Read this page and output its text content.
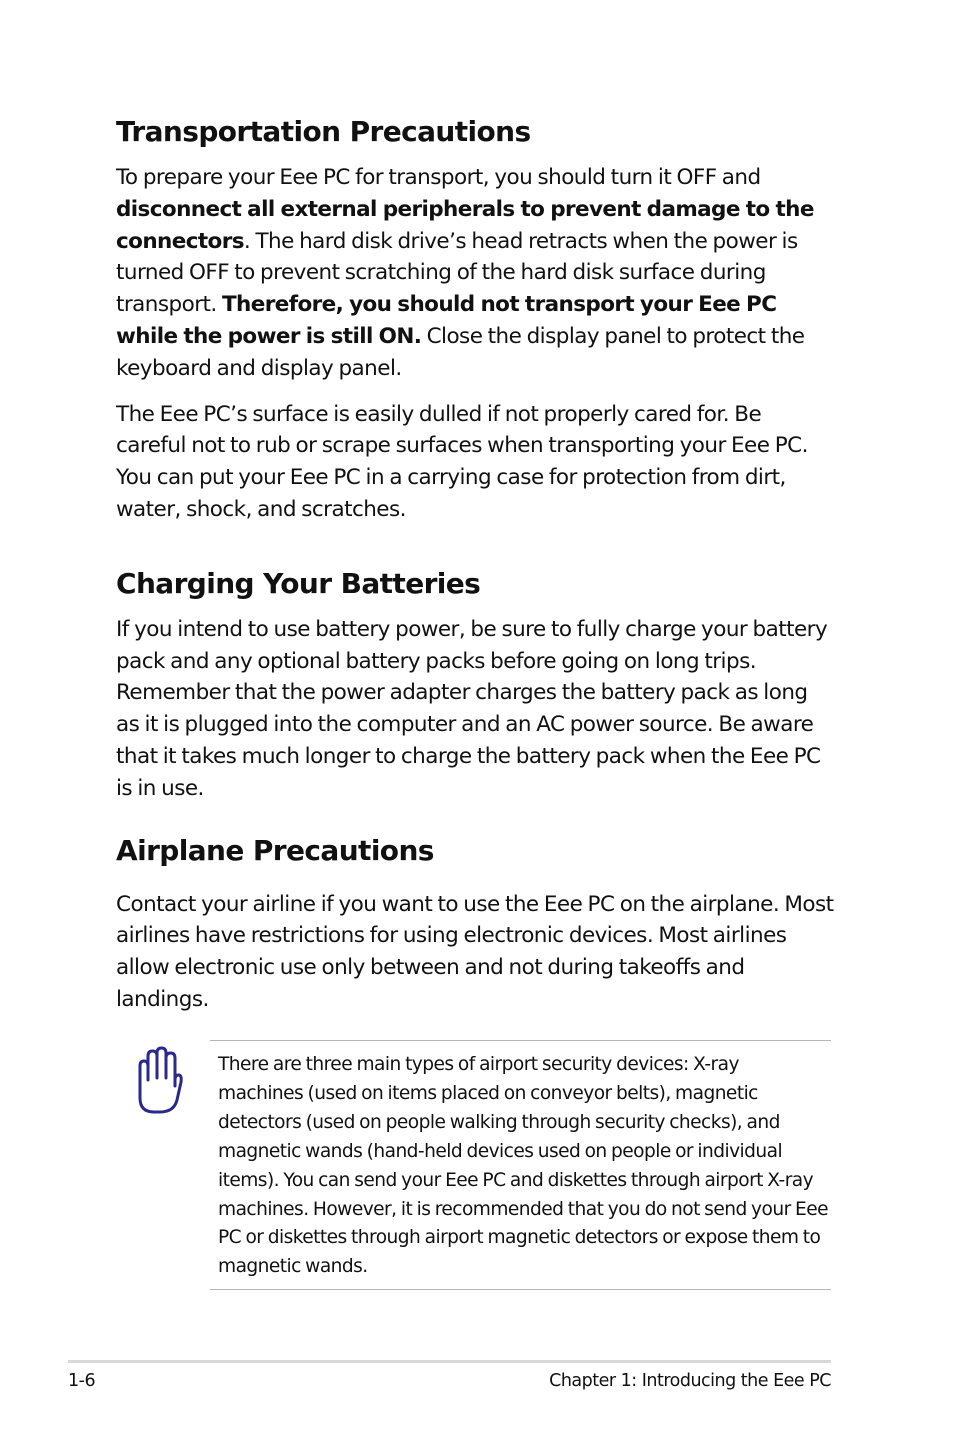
Transportation Precautions

To prepare your Eee PC for transport, you should turn it OFF and disconnect all external peripherals to prevent damage to the connectors. The hard disk drive’s head retracts when the power is turned OFF to prevent scratching of the hard disk surface during transport. Therefore, you should not transport your Eee PC while the power is still ON. Close the display panel to protect the keyboard and display panel.

The Eee PC’s surface is easily dulled if not properly cared for. Be careful not to rub or scrape surfaces when transporting your Eee PC. You can put your Eee PC in a carrying case for protection from dirt, water, shock, and scratches.

Charging Your Batteries

If you intend to use battery power, be sure to fully charge your battery pack and any optional battery packs before going on long trips. Remember that the power adapter charges the battery pack as long as it is plugged into the computer and an AC power source. Be aware that it takes much longer to charge the battery pack when the Eee PC is in use.

Airplane Precautions

Contact your airline if you want to use the Eee PC on the airplane. Most airlines have restrictions for using electronic devices. Most airlines allow electronic use only between and not during takeoffs and landings.

There are three main types of airport security devices: X-ray machines (used on items placed on conveyor belts), magnetic detectors (used on people walking through security checks), and magnetic wands (hand-held devices used on people or individual items). You can send your Eee PC and diskettes through airport X-ray machines. However, it is recommended that you do not send your Eee PC or diskettes through airport magnetic detectors or expose them to magnetic wands.

1-6	Chapter 1: Introducing the Eee PC
